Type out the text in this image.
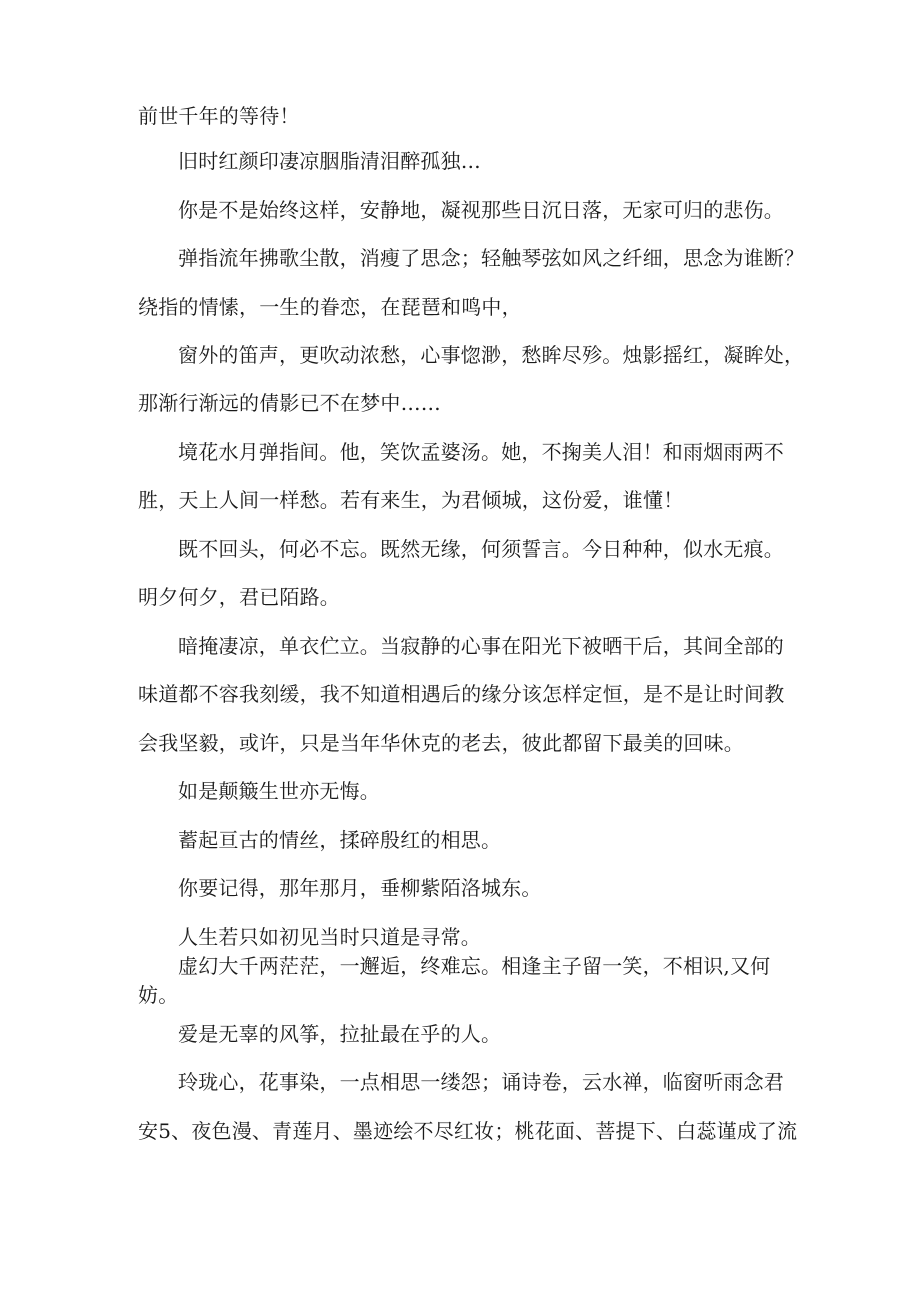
前世千年的等待！
旧时红颜印凄凉胭脂清泪醉孤独…
你是不是始终这样，安静地，凝视那些日沉日落，无家可归的悲伤。
弹指流年拂歌尘散，消瘦了思念；轻触琴弦如风之纤细，思念为谁断？
绕指的情愫，一生的眷恋，在琵琶和鸣中，
窗外的笛声，更吹动浓愁，心事惚渺，愁眸尽殄。烛影摇红，凝眸处，
那渐行渐远的倩影已不在梦中……
境花水月弹指间。他，笑饮孟婆汤。她，不掬美人泪！和雨烟雨两不
胜，天上人间一样愁。若有来生，为君倾城，这份爱，谁懂！
既不回头，何必不忘。既然无缘，何须誓言。今日种种，似水无痕。
明夕何夕，君已陌路。
暗掩凄凉，单衣伫立。当寂静的心事在阳光下被晒干后，其间全部的
味道都不容我刻缓，我不知道相遇后的缘分该怎样定恒，是不是让时间教
会我坚毅，或许，只是当年华休克的老去，彼此都留下最美的回味。
如是颠簸生世亦无悔。
蓄起亘古的情丝，揉碎殷红的相思。
你要记得，那年那月，垂柳紫陌洛城东。
人生若只如初见当时只道是寻常。
虚幻大千两茫茫，一邂逅，终难忘。相逢主子留一笑，不相识,又何
妨。
爱是无辜的风筝，拉扯最在乎的人。
玲珑心，花事染，一点相思一缕怨；诵诗卷，云水禅，临窗听雨念君
安5、夜色漫、青莲月、墨迹绘不尽红妆；桃花面、菩提下、白蕊谨成了流
